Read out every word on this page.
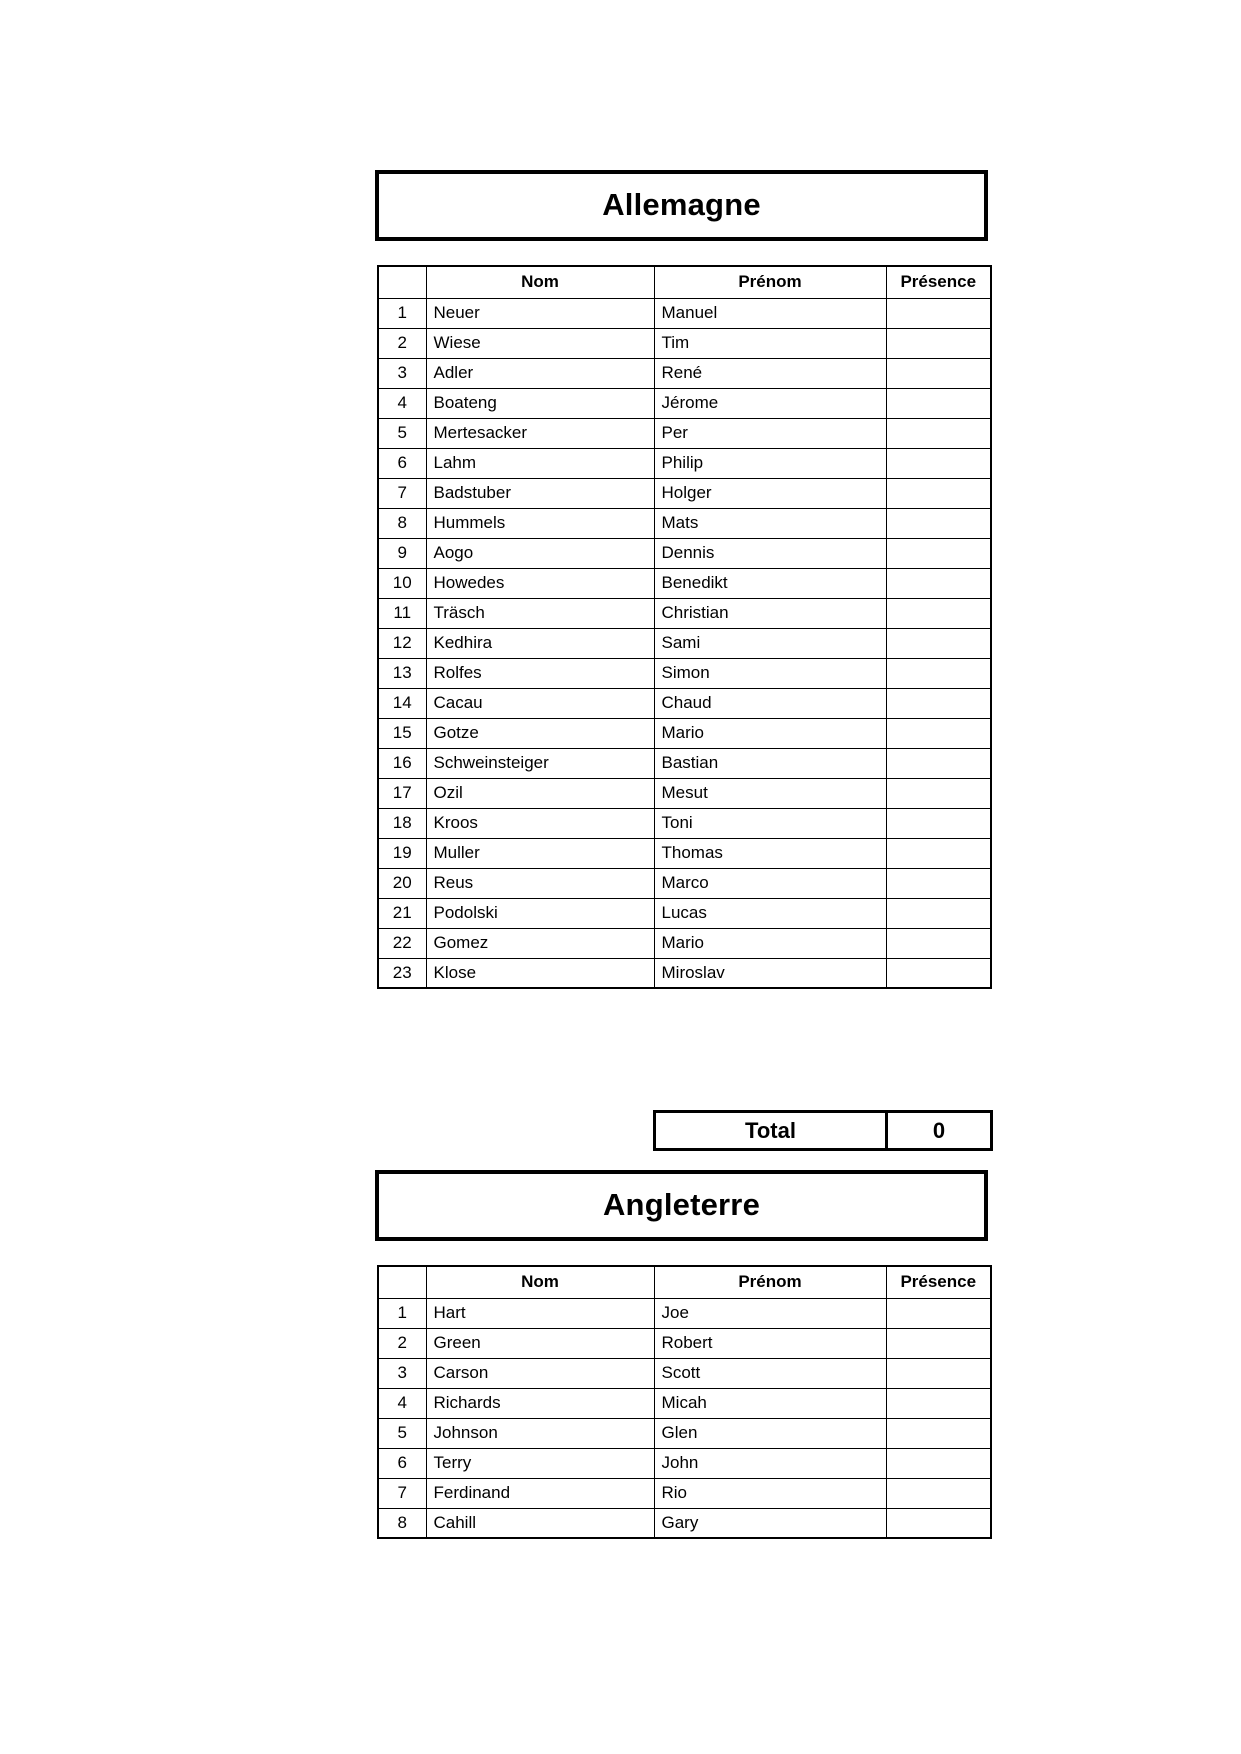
Allemagne
	Nom	Prénom	Présence
1	Neuer	Manuel	
2	Wiese	Tim	
3	Adler	René	
4	Boateng	Jérome	
5	Mertesacker	Per	
6	Lahm	Philip	
7	Badstuber	Holger	
8	Hummels	Mats	
9	Aogo	Dennis	
10	Howedes	Benedikt	
11	Träsch	Christian	
12	Kedhira	Sami	
13	Rolfes	Simon	
14	Cacau	Chaud	
15	Gotze	Mario	
16	Schweinsteiger	Bastian	
17	Ozil	Mesut	
18	Kroos	Toni	
19	Muller	Thomas	
20	Reus	Marco	
21	Podolski	Lucas	
22	Gomez	Mario	
23	Klose	Miroslav	
Total	0
Angleterre
	Nom	Prénom	Présence
1	Hart	Joe	
2	Green	Robert	
3	Carson	Scott	
4	Richards	Micah	
5	Johnson	Glen	
6	Terry	John	
7	Ferdinand	Rio	
8	Cahill	Gary	
